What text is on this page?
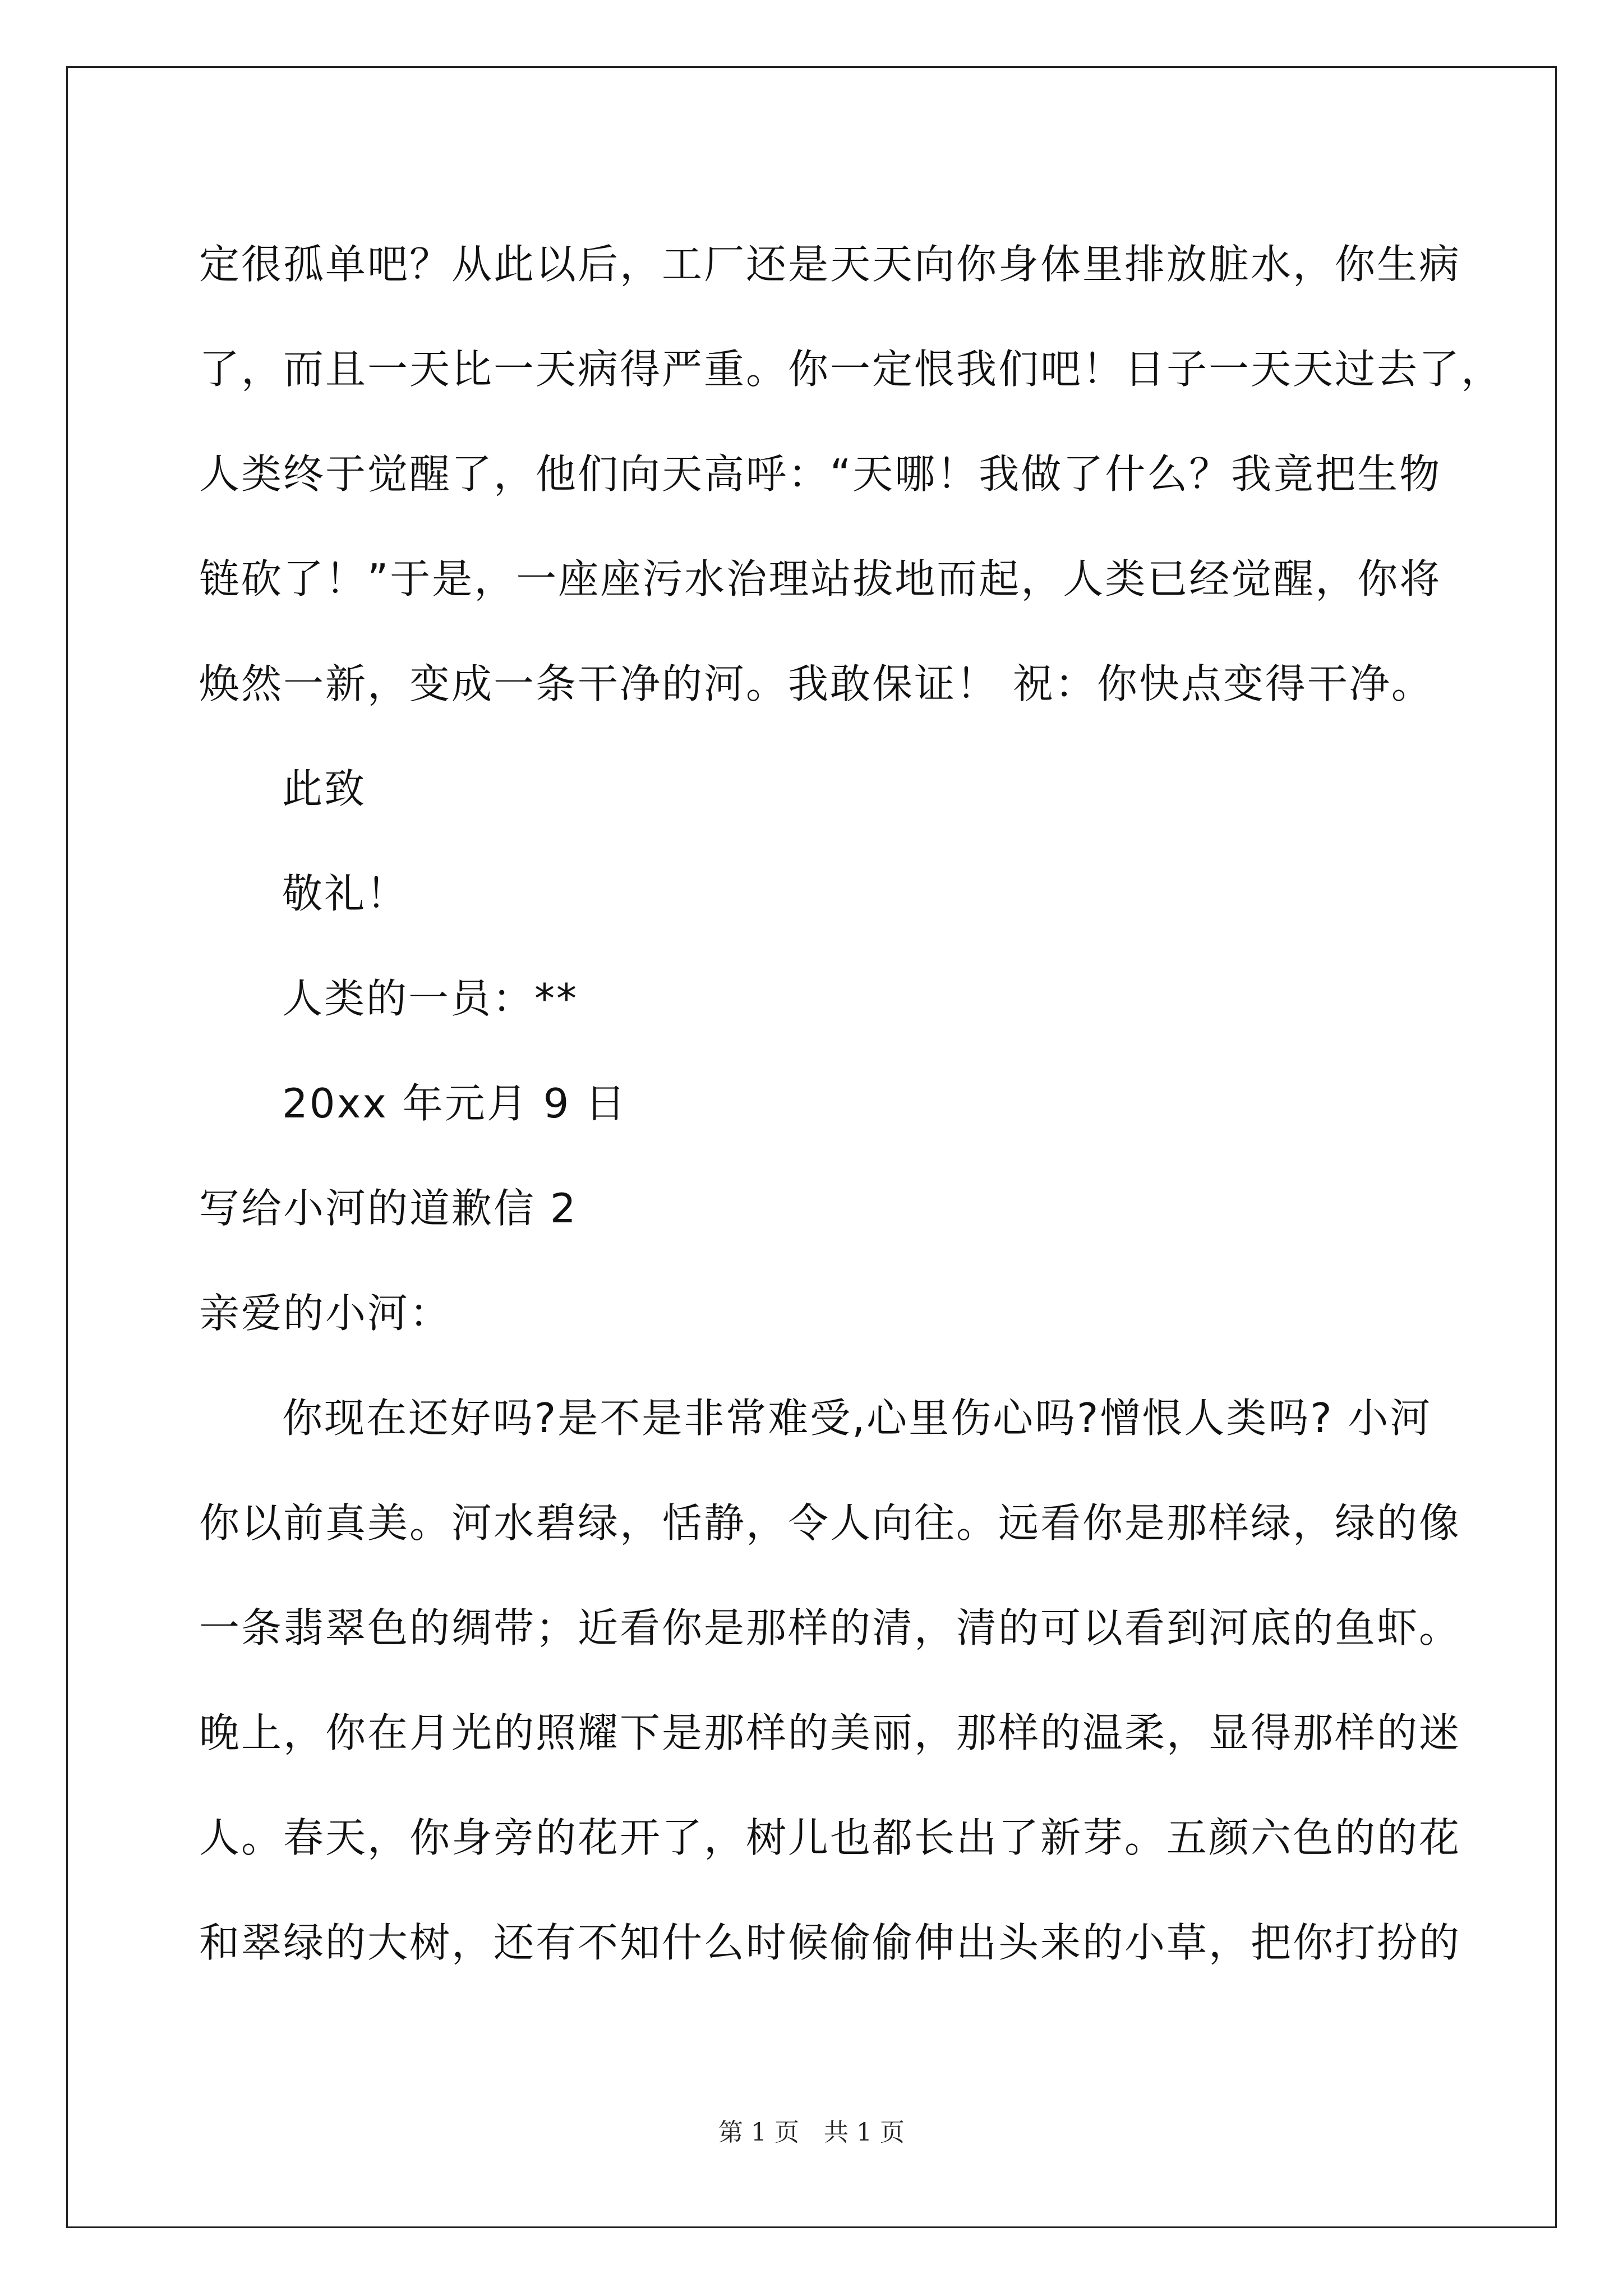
定很孤单吧？从此以后，工厂还是天天向你身体里排放脏水，你生病
了，而且一天比一天病得严重。你一定恨我们吧！日子一天天过去了，
人类终于觉醒了，他们向天高呼：“天哪！我做了什么？我竟把生物
链砍了！”于是，一座座污水治理站拔地而起，人类已经觉醒，你将
焕然一新，变成一条干净的河。我敢保证！ 祝：你快点变得干净。
此致
敬礼！
人类的一员：**
20xx 年元月 9 日
写给小河的道歉信 2
亲爱的小河：
你现在还好吗?是不是非常难受,心里伤心吗?憎恨人类吗? 小河
你以前真美。河水碧绿，恬静，令人向往。远看你是那样绿，绿的像
一条翡翠色的绸带；近看你是那样的清，清的可以看到河底的鱼虾。
晚上，你在月光的照耀下是那样的美丽，那样的温柔，显得那样的迷
人。春天，你身旁的花开了，树儿也都长出了新芽。五颜六色的的花
和翠绿的大树，还有不知什么时候偷偷伸出头来的小草，把你打扮的
第 1 页　共 1 页
